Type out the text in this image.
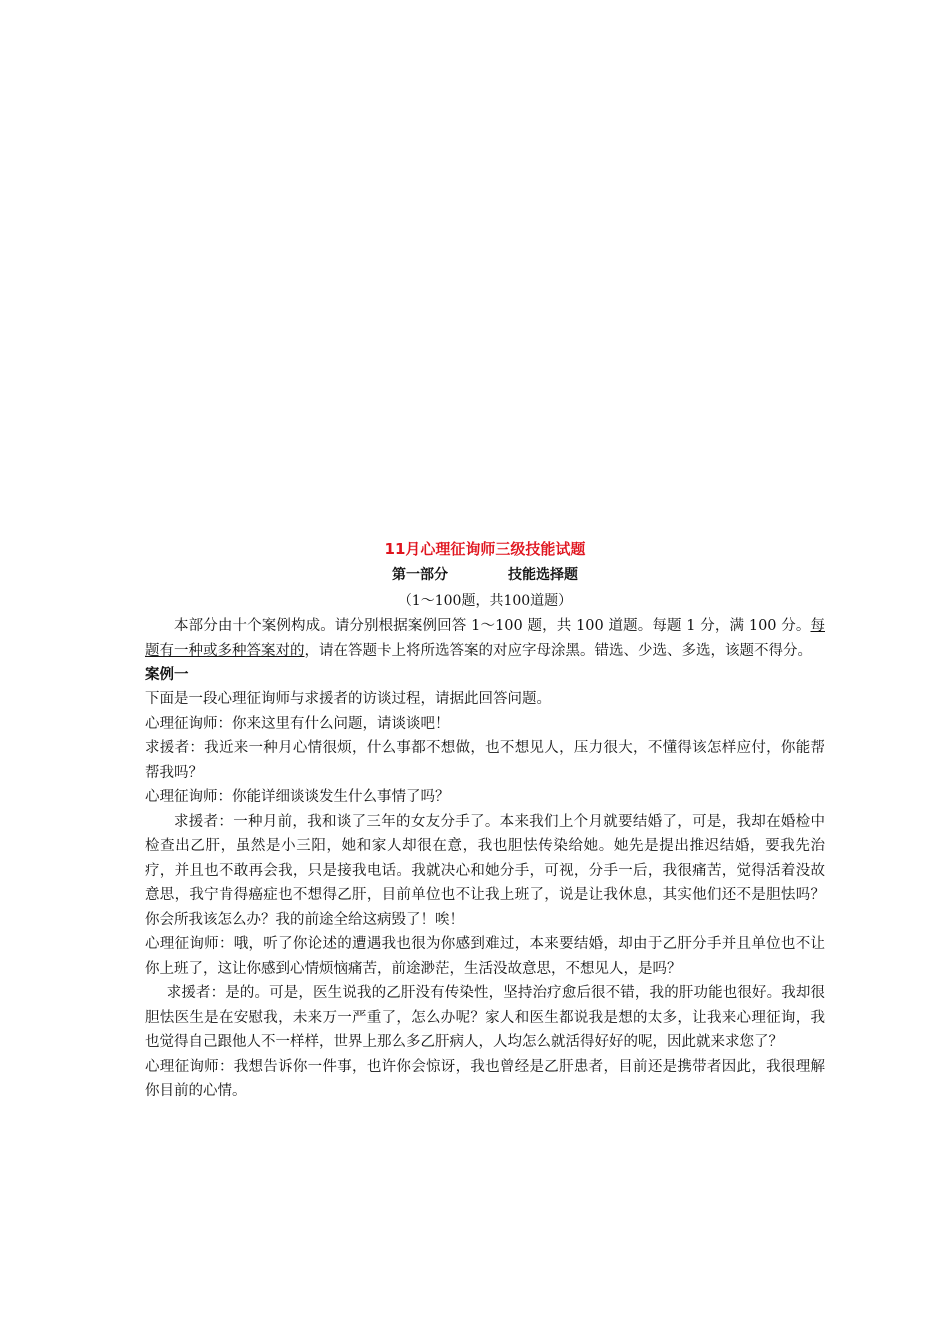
11月心理征询师三级技能试题
第一部分	技能选择题
（1～100题，共100道题）

本部分由十个案例构成。请分别根据案例回答 1～100 题，共 100 道题。每题 1 分，满 100 分。每题有一种或多种答案对的，请在答题卡上将所选答案的对应字母涂黑。错选、少选、多选，该题不得分。

案例一

下面是一段心理征询师与求援者的访谈过程，请据此回答问题。

心理征询师：你来这里有什么问题，请谈谈吧！

求援者：我近来一种月心情很烦，什么事都不想做，也不想见人，压力很大，不懂得该怎样应付，你能帮帮我吗？

心理征询师：你能详细谈谈发生什么事情了吗？

求援者：一种月前，我和谈了三年的女友分手了。本来我们上个月就要结婚了，可是，我却在婚检中检查出乙肝，虽然是小三阳，她和家人却很在意，我也胆怯传染给她。她先是提出推迟结婚，要我先治疗，并且也不敢再会我，只是接我电话。我就决心和她分手，可视，分手一后，我很痛苦，觉得活着没故意思，我宁肯得癌症也不想得乙肝，目前单位也不让我上班了，说是让我休息，其实他们还不是胆怯吗？你会所我该怎么办？我的前途全给这病毁了！唉！

心理征询师：哦，听了你论述的遭遇我也很为你感到难过，本来要结婚，却由于乙肝分手并且单位也不让你上班了，这让你感到心情烦恼痛苦，前途渺茫，生活没故意思，不想见人，是吗？

求援者：是的。可是，医生说我的乙肝没有传染性，坚持治疗愈后很不错，我的肝功能也很好。我却很胆怯医生是在安慰我，未来万一严重了，怎么办呢？家人和医生都说我是想的太多，让我来心理征询，我也觉得自己跟他人不一样样，世界上那么多乙肝病人，人均怎么就活得好好的呢，因此就来求您了？

心理征询师：我想告诉你一件事，也许你会惊讶，我也曾经是乙肝患者，目前还是携带者因此，我很理解你目前的心情。
